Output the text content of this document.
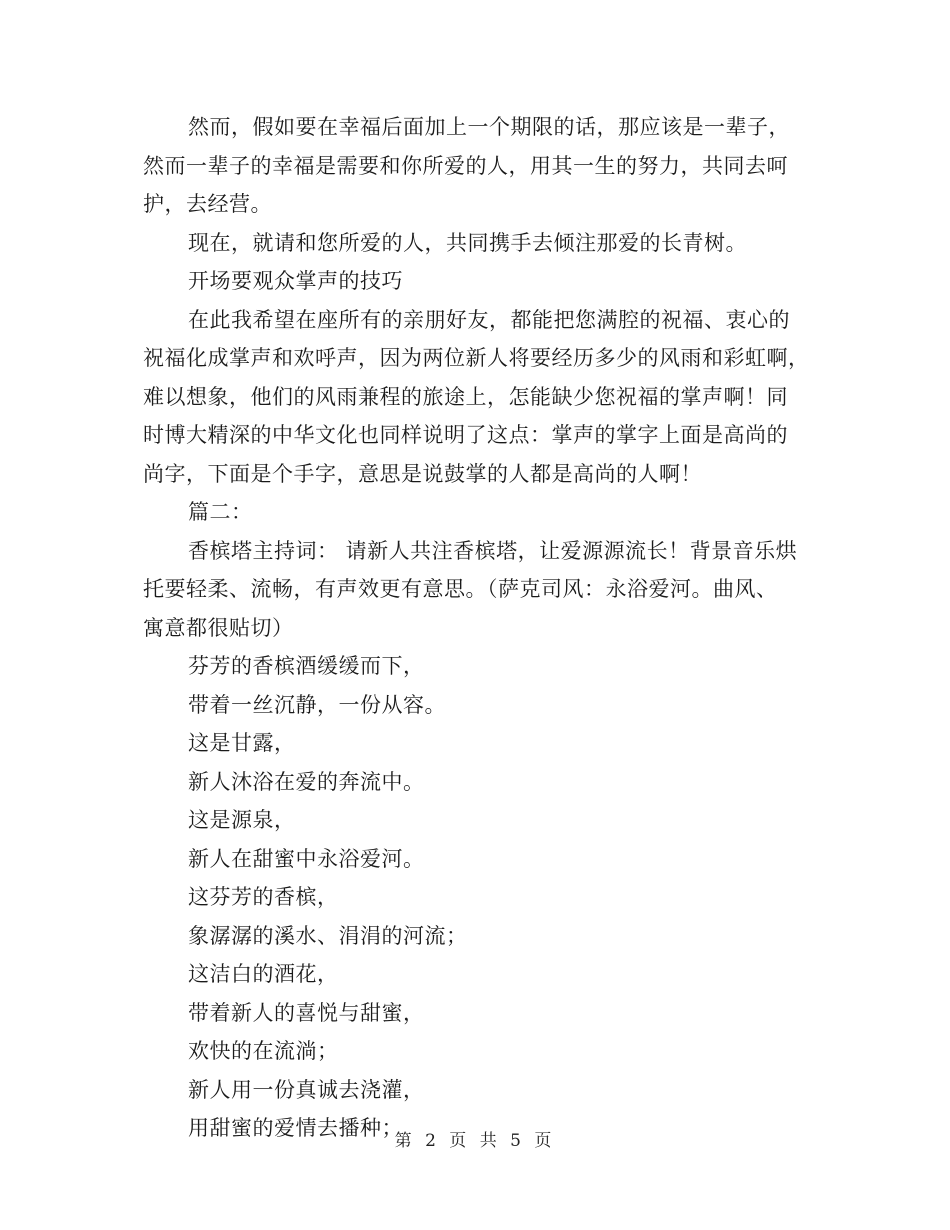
然而，假如要在幸福后面加上一个期限的话，那应该是一辈子，
然而一辈子的幸福是需要和你所爱的人，用其一生的努力，共同去呵
护，去经营。
现在，就请和您所爱的人，共同携手去倾注那爱的长青树。
开场要观众掌声的技巧
在此我希望在座所有的亲朋好友，都能把您满腔的祝福、衷心的
祝福化成掌声和欢呼声，因为两位新人将要经历多少的风雨和彩虹啊，
难以想象，他们的风雨兼程的旅途上，怎能缺少您祝福的掌声啊！同
时博大精深的中华文化也同样说明了这点：掌声的掌字上面是高尚的
尚字，下面是个手字，意思是说鼓掌的人都是高尚的人啊！
篇二：
香槟塔主持词： 请新人共注香槟塔，让爱源源流长！背景音乐烘
托要轻柔、流畅，有声效更有意思。（萨克司风：永浴爱河。曲风、
寓意都很贴切）
芬芳的香槟酒缓缓而下，
带着一丝沉静，一份从容。
这是甘露，
新人沐浴在爱的奔流中。
这是源泉，
新人在甜蜜中永浴爱河。
这芬芳的香槟，
象潺潺的溪水、涓涓的河流；
这洁白的酒花，
带着新人的喜悦与甜蜜，
欢快的在流淌；
新人用一份真诚去浇灌，
用甜蜜的爱情去播种；
第 2 页 共 5 页
